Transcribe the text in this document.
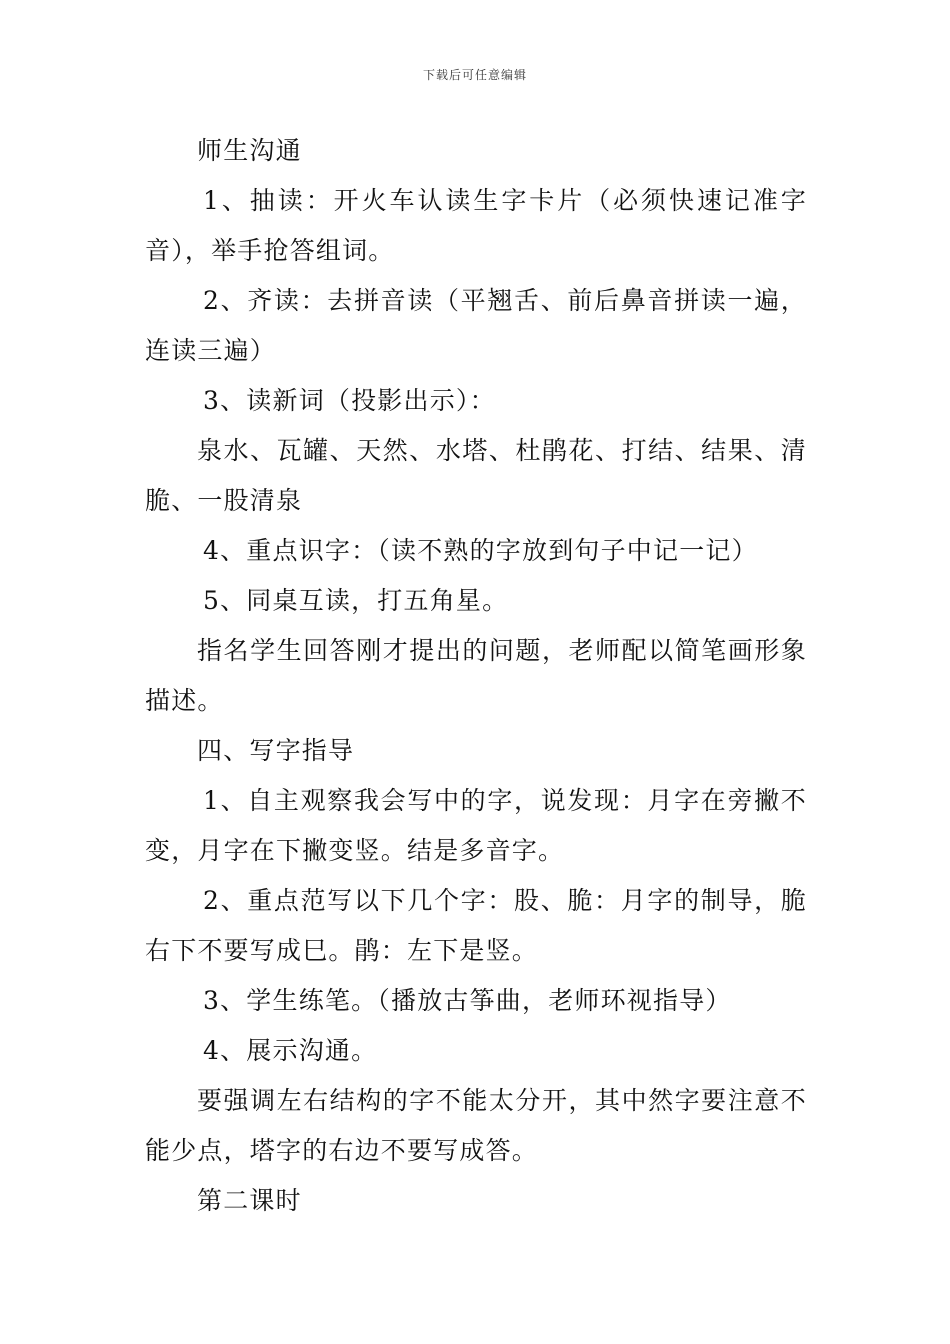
下载后可任意编辑

师生沟通

1、抽读：开火车认读生字卡片（必须快速记准字音），举手抢答组词。

2、齐读：去拼音读（平翘舌、前后鼻音拼读一遍，连读三遍）

3、读新词（投影出示）：

泉水、瓦罐、天然、水塔、杜鹃花、打结、结果、清脆、一股清泉

4、重点识字：（读不熟的字放到句子中记一记）

5、同桌互读，打五角星。

指名学生回答刚才提出的问题，老师配以简笔画形象描述。

四、写字指导

1、自主观察我会写中的字，说发现：月字在旁撇不变，月字在下撇变竖。结是多音字。

2、重点范写以下几个字：股、脆：月字的制导，脆右下不要写成巳。鹃：左下是竖。

3、学生练笔。（播放古筝曲，老师环视指导）

4、展示沟通。

要强调左右结构的字不能太分开，其中然字要注意不能少点，塔字的右边不要写成答。

第二课时
